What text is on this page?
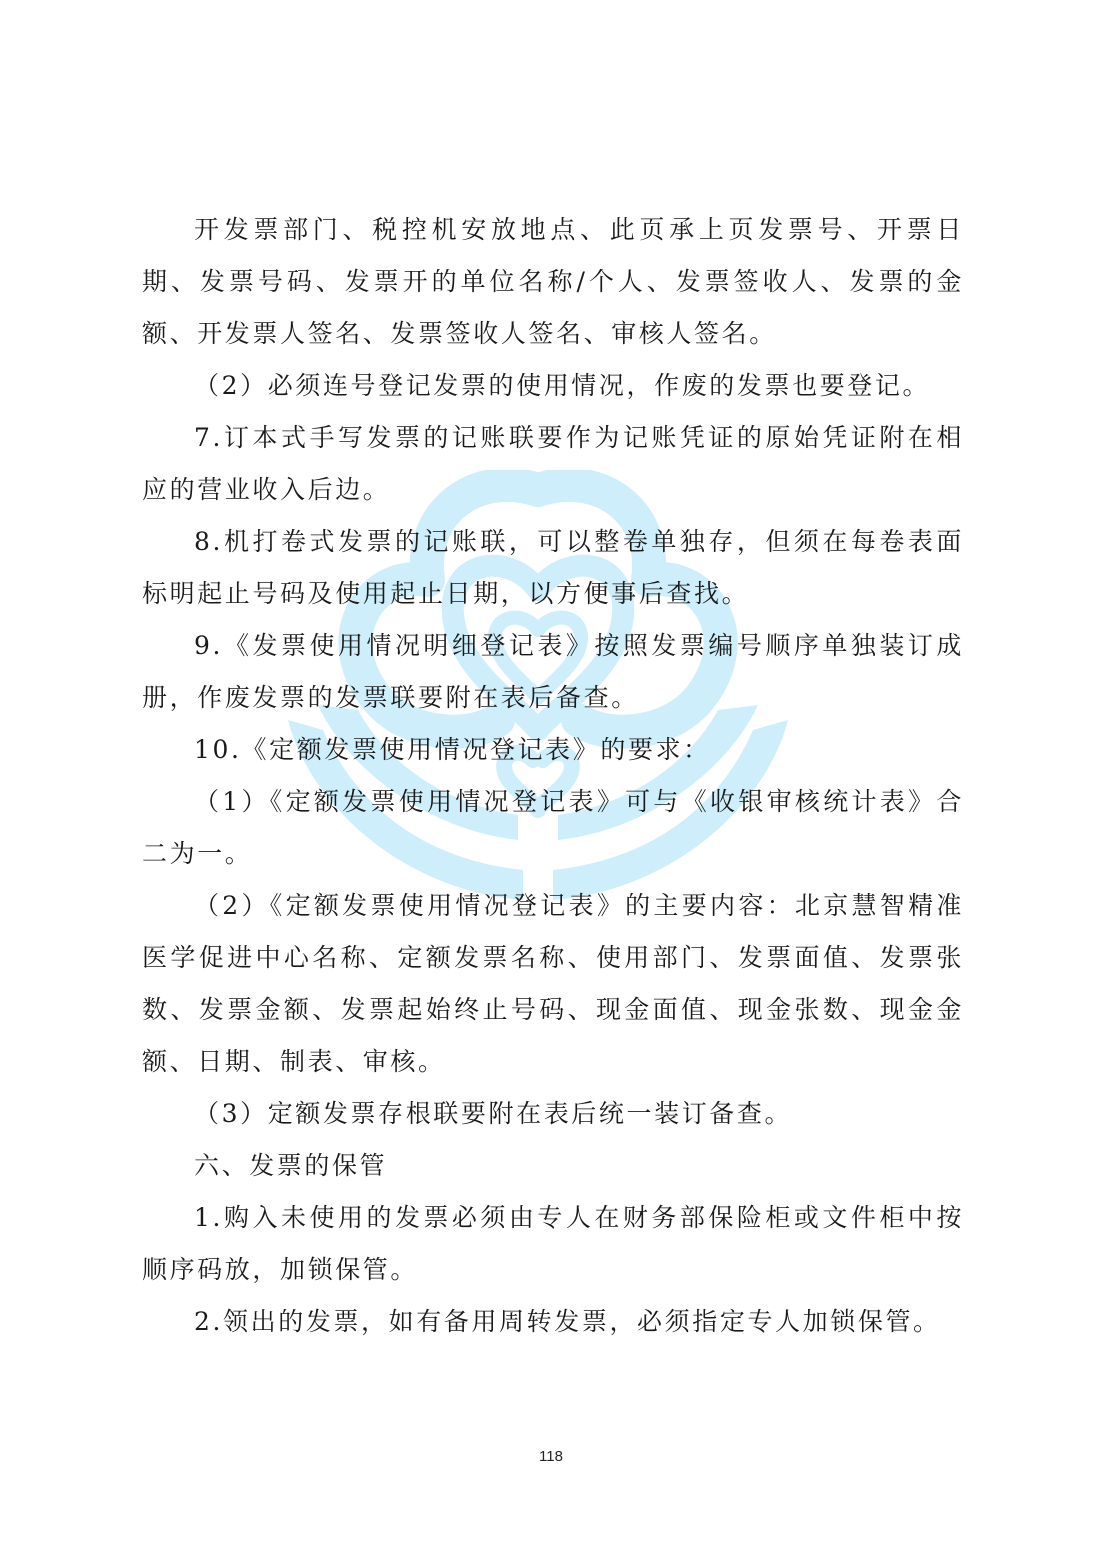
开发票部门、税控机安放地点、此页承上页发票号、开票日期、发票号码、发票开的单位名称/个人、发票签收人、发票的金额、开发票人签名、发票签收人签名、审核人签名。

（2）必须连号登记发票的使用情况，作废的发票也要登记。

7.订本式手写发票的记账联要作为记账凭证的原始凭证附在相应的营业收入后边。

8.机打卷式发票的记账联，可以整卷单独存，但须在每卷表面标明起止号码及使用起止日期，以方便事后查找。

9.《发票使用情况明细登记表》按照发票编号顺序单独装订成册，作废发票的发票联要附在表后备查。

10.《定额发票使用情况登记表》的要求：

（1）《定额发票使用情况登记表》可与《收银审核统计表》合二为一。

（2）《定额发票使用情况登记表》的主要内容：北京慧智精准医学促进中心名称、定额发票名称、使用部门、发票面值、发票张数、发票金额、发票起始终止号码、现金面值、现金张数、现金金额、日期、制表、审核。

（3）定额发票存根联要附在表后统一装订备查。

六、发票的保管

1.购入未使用的发票必须由专人在财务部保险柜或文件柜中按顺序码放，加锁保管。

2.领出的发票，如有备用周转发票，必须指定专人加锁保管。

118
